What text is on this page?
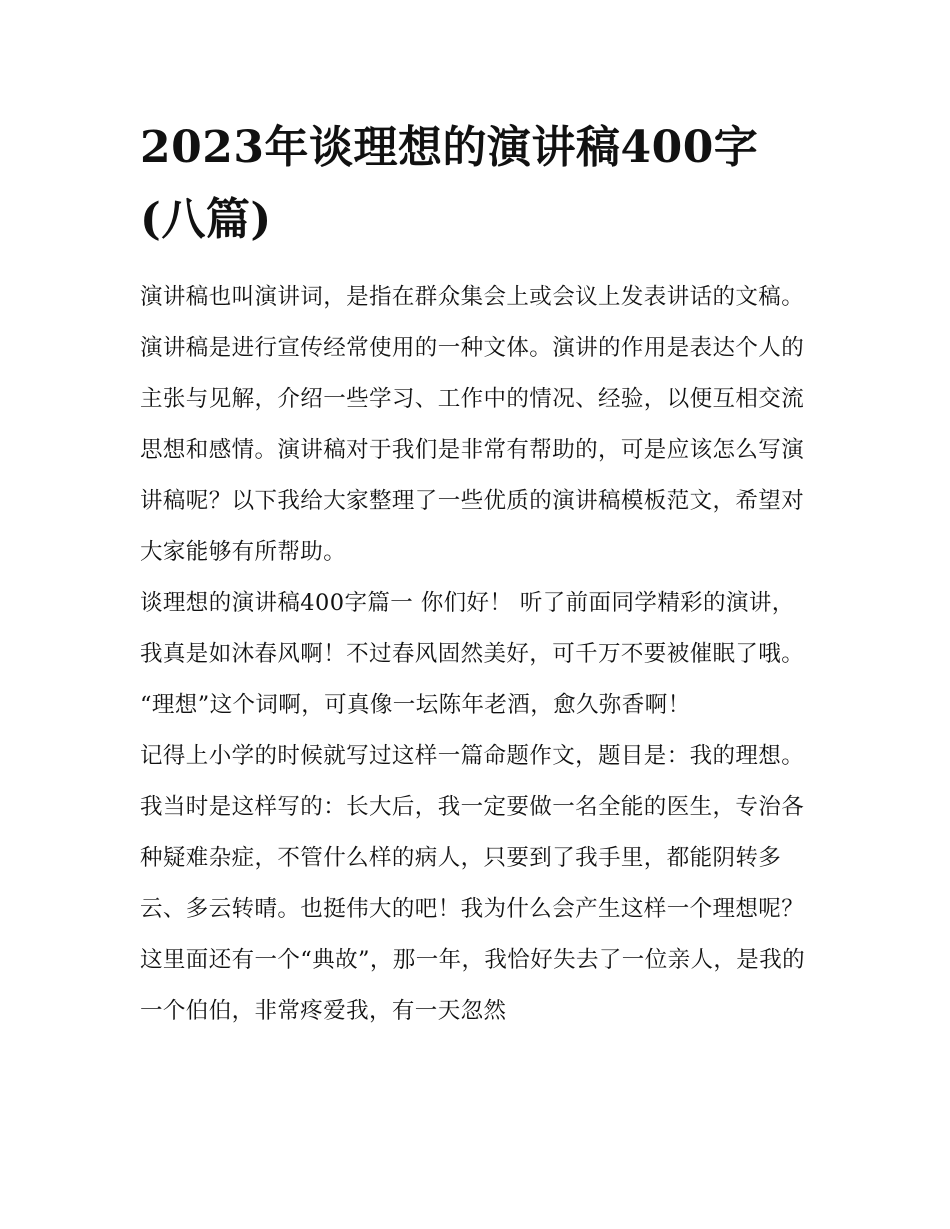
2023年谈理想的演讲稿400字(八篇)

演讲稿也叫演讲词，是指在群众集会上或会议上发表讲话的文稿。演讲稿是进行宣传经常使用的一种文体。演讲的作用是表达个人的主张与见解，介绍一些学习、工作中的情况、经验，以便互相交流思想和感情。演讲稿对于我们是非常有帮助的，可是应该怎么写演讲稿呢？以下我给大家整理了一些优质的演讲稿模板范文，希望对大家能够有所帮助。

谈理想的演讲稿400字篇一 你们好！ 听了前面同学精彩的演讲，我真是如沐春风啊！不过春风固然美好，可千万不要被催眠了哦。

“理想”这个词啊，可真像一坛陈年老酒，愈久弥香啊！

记得上小学的时候就写过这样一篇命题作文，题目是：我的理想。我当时是这样写的：长大后，我一定要做一名全能的医生，专治各种疑难杂症，不管什么样的病人，只要到了我手里，都能阴转多云、多云转晴。也挺伟大的吧！我为什么会产生这样一个理想呢？这里面还有一个“典故”，那一年，我恰好失去了一位亲人，是我的一个伯伯，非常疼爱我，有一天忽然
